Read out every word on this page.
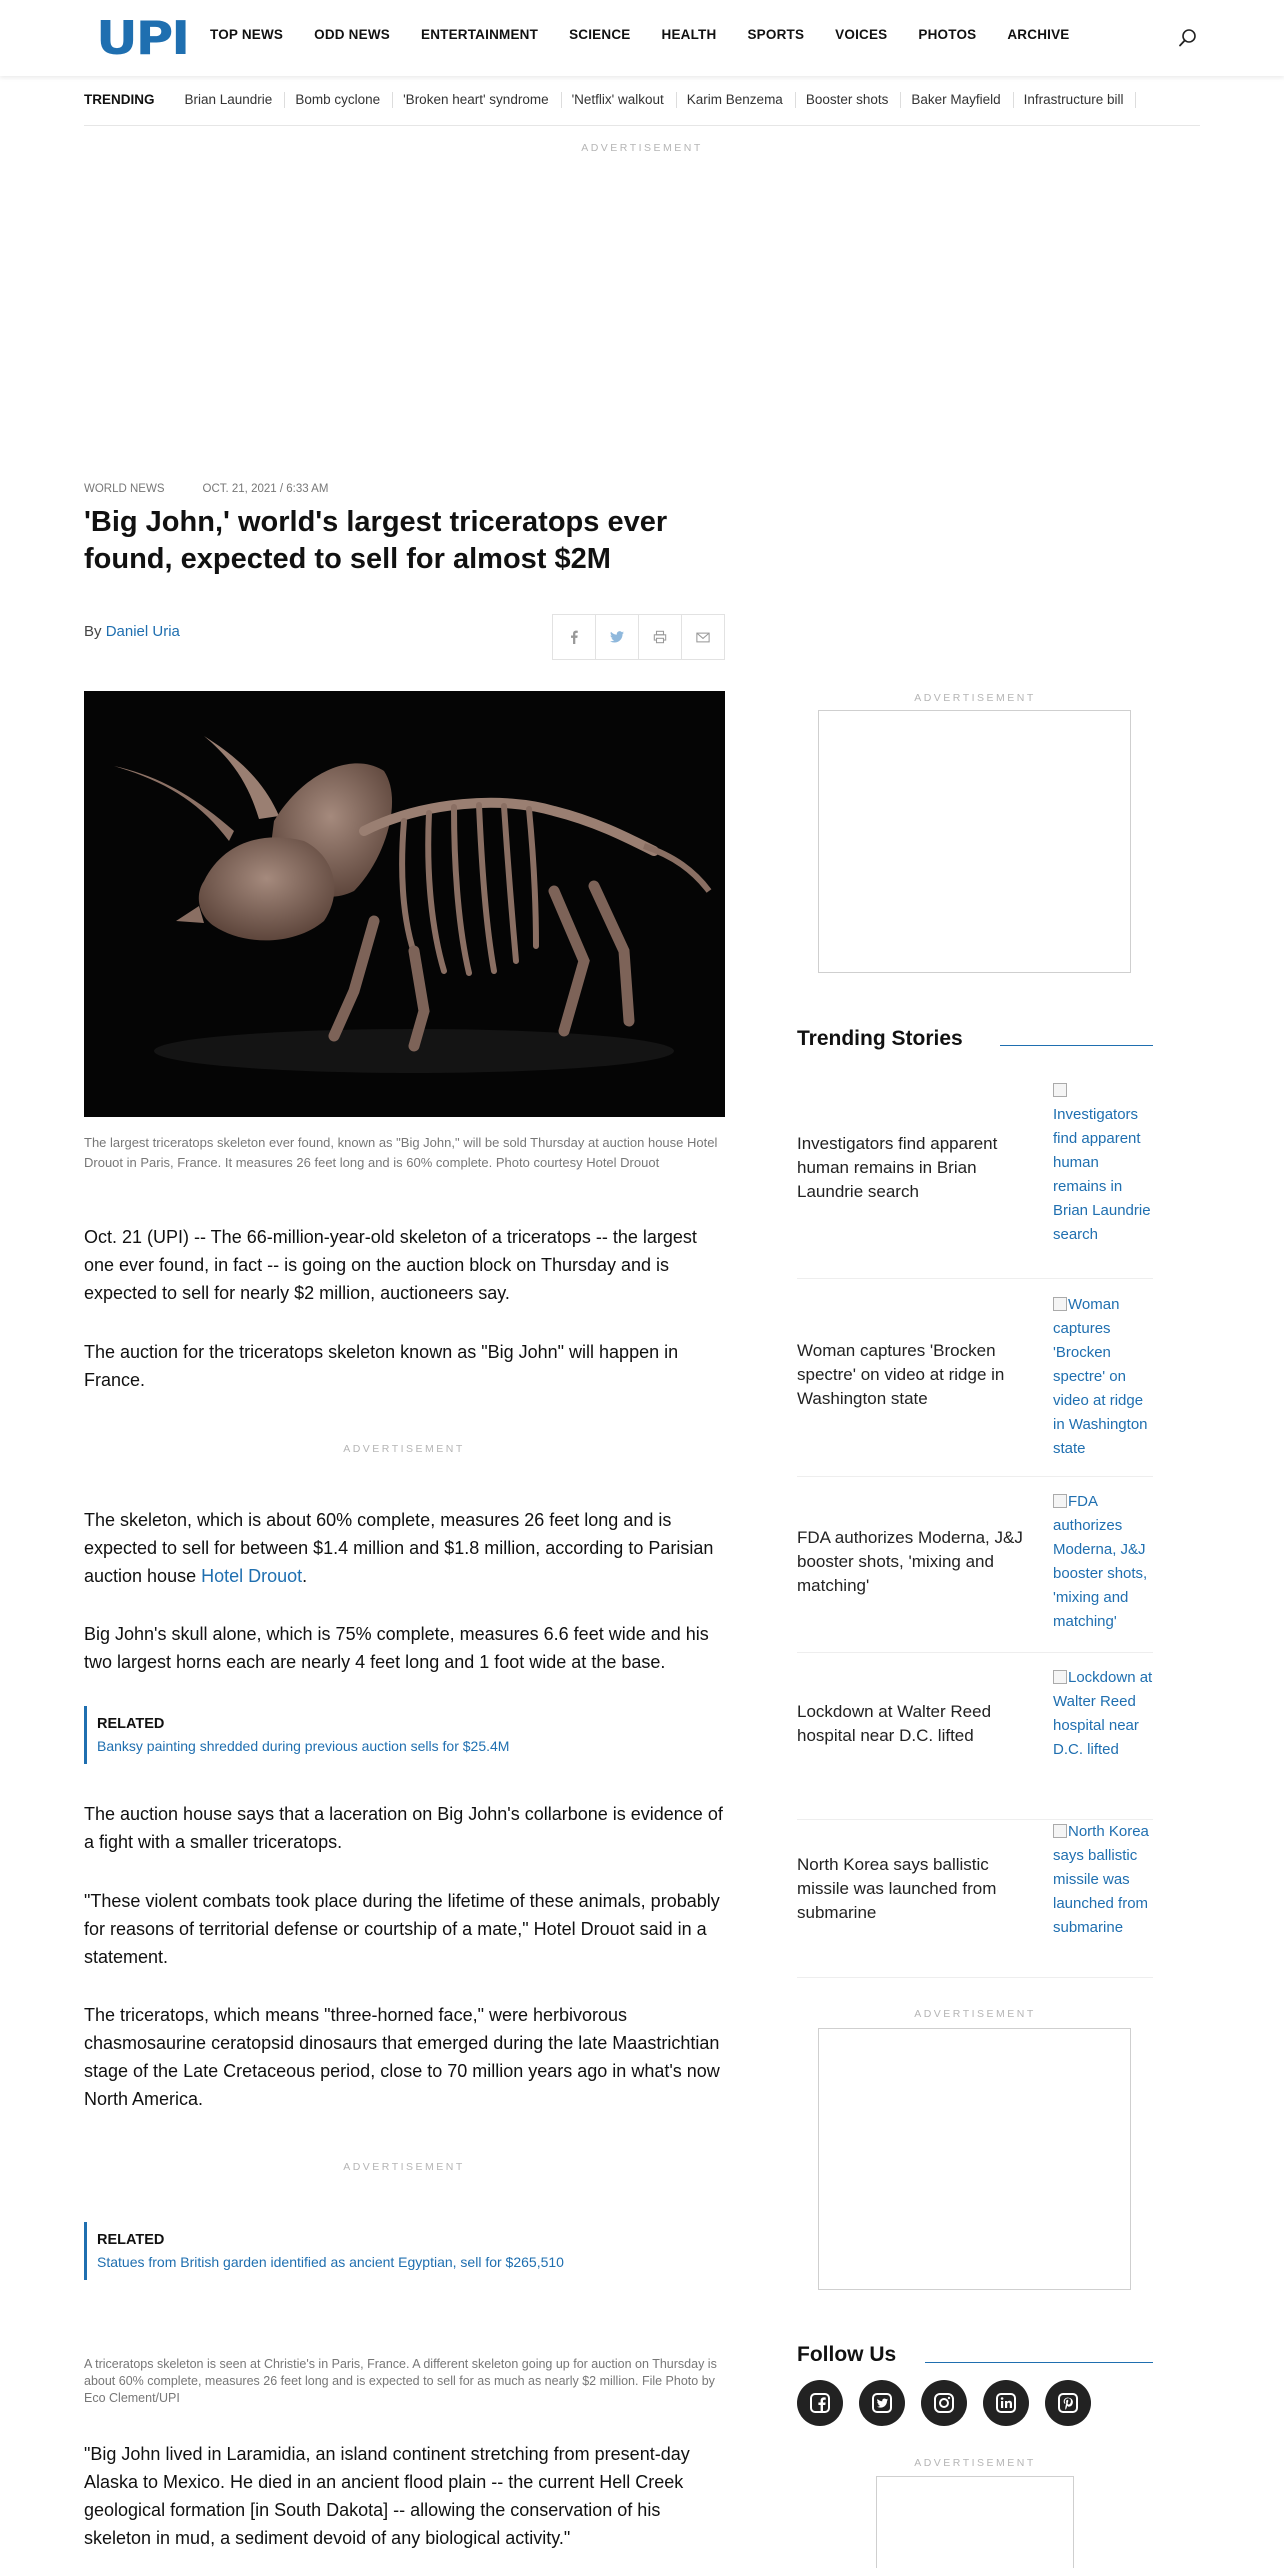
UPI TOP NEWS ODD NEWS ENTERTAINMENT SCIENCE HEALTH SPORTS VOICES PHOTOS ARCHIVE
TRENDING	Brian Laundrie	Bomb cyclone	'Broken heart' syndrome	'Netflix' walkout	Karim Benzema	Booster shots	Baker Mayfield	Infrastructure bill
ADVERTISEMENT
WORLD NEWS	OCT. 21, 2021 / 6:33 AM
'Big John,' world's largest triceratops ever found, expected to sell for almost $2M
By Daniel Uria
The largest triceratops skeleton ever found, known as "Big John," will be sold Thursday at auction house Hotel Drouot in Paris, France. It measures 26 feet long and is 60% complete. Photo courtesy Hotel Drouot

Oct. 21 (UPI) -- The 66-million-year-old skeleton of a triceratops -- the largest one ever found, in fact -- is going on the auction block on Thursday and is expected to sell for nearly $2 million, auctioneers say.

The auction for the triceratops skeleton known as "Big John" will happen in France.

ADVERTISEMENT

The skeleton, which is about 60% complete, measures 26 feet long and is expected to sell for between $1.4 million and $1.8 million, according to Parisian auction house Hotel Drouot.

Big John's skull alone, which is 75% complete, measures 6.6 feet wide and his two largest horns each are nearly 4 feet long and 1 foot wide at the base.

RELATED
Banksy painting shredded during previous auction sells for $25.4M

The auction house says that a laceration on Big John's collarbone is evidence of a fight with a smaller triceratops.

"These violent combats took place during the lifetime of these animals, probably for reasons of territorial defense or courtship of a mate," Hotel Drouot said in a statement.

The triceratops, which means "three-horned face," were herbivorous chasmosaurine ceratopsid dinosaurs that emerged during the late Maastrichtian stage of the Late Cretaceous period, close to 70 million years ago in what's now North America.

ADVERTISEMENT
RELATED
Statues from British garden identified as ancient Egyptian, sell for $265,510
A triceratops skeleton is seen at Christie's in Paris, France. A different skeleton going up for auction on Thursday is about 60% complete, measures 26 feet long and is expected to sell for as much as nearly $2 million. File Photo by Eco Clement/UPI

"Big John lived in Laramidia, an island continent stretching from present-day Alaska to Mexico. He died in an ancient flood plain -- the current Hell Creek geological formation [in South Dakota] -- allowing the conservation of his skeleton in mud, a sediment devoid of any biological activity."

ADVERTISEMENT
Trending Stories
Investigators find apparent human remains in Brian Laundrie search
Investigators find apparent human remains in Brian Laundrie search
Woman captures 'Brocken spectre' on video at ridge in Washington state
Woman captures 'Brocken spectre' on video at ridge in Washington state
FDA authorizes Moderna, J&J booster shots, 'mixing and matching'
FDA authorizes Moderna, J&J booster shots, 'mixing and matching'
Lockdown at Walter Reed hospital near D.C. lifted
Lockdown at Walter Reed hospital near D.C. lifted
North Korea says ballistic missile was launched from submarine
North Korea says ballistic missile was launched from submarine
ADVERTISEMENT
Follow Us
ADVERTISEMENT
